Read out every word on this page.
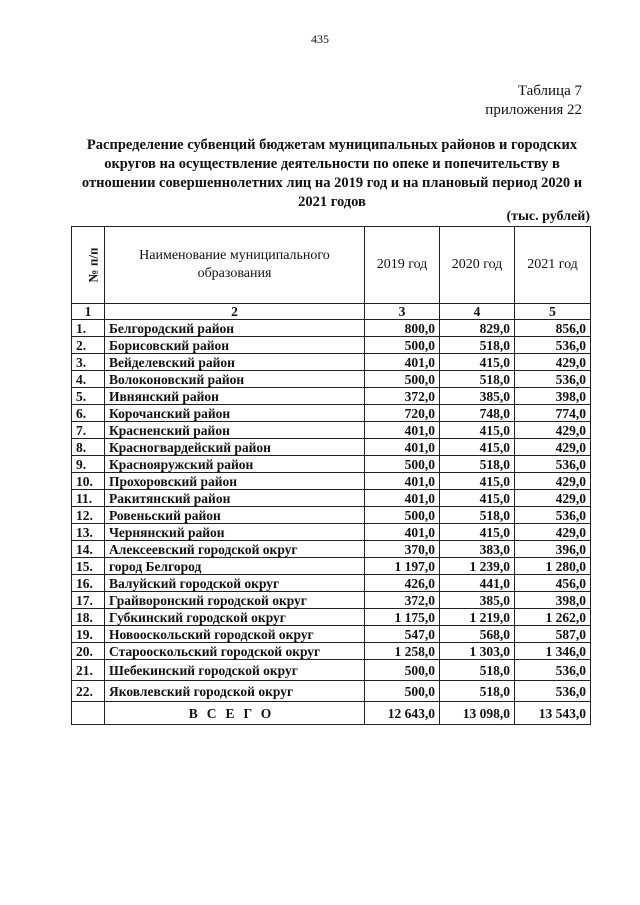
435
Таблица 7
приложения 22
Распределение субвенций бюджетам муниципальных районов и городских округов на осуществление деятельности по опеке и попечительству в отношении совершеннолетних лиц на 2019 год и на плановый период 2020 и 2021 годов
(тыс. рублей)
№ п/п	Наименование муниципального образования	2019 год	2020 год	2021 год
1	2	3	4	5
1.	Белгородский район	800,0	829,0	856,0
2.	Борисовский район	500,0	518,0	536,0
3.	Вейделевский район	401,0	415,0	429,0
4.	Волоконовский район	500,0	518,0	536,0
5.	Ивнянский район	372,0	385,0	398,0
6.	Корочанский район	720,0	748,0	774,0
7.	Красненский район	401,0	415,0	429,0
8.	Красногвардейский район	401,0	415,0	429,0
9.	Краснояружский район	500,0	518,0	536,0
10.	Прохоровский район	401,0	415,0	429,0
11.	Ракитянский район	401,0	415,0	429,0
12.	Ровеньский район	500,0	518,0	536,0
13.	Чернянский район	401,0	415,0	429,0
14.	Алексеевский городской округ	370,0	383,0	396,0
15.	город Белгород	1 197,0	1 239,0	1 280,0
16.	Валуйский городской округ	426,0	441,0	456,0
17.	Грайворонский городской округ	372,0	385,0	398,0
18.	Губкинский городской округ	1 175,0	1 219,0	1 262,0
19.	Новооскольский городской округ	547,0	568,0	587,0
20.	Старооскольский городской округ	1 258,0	1 303,0	1 346,0
21.	Шебекинский городской округ	500,0	518,0	536,0
22.	Яковлевский городской округ	500,0	518,0	536,0
	ВСЕГО	12 643,0	13 098,0	13 543,0
